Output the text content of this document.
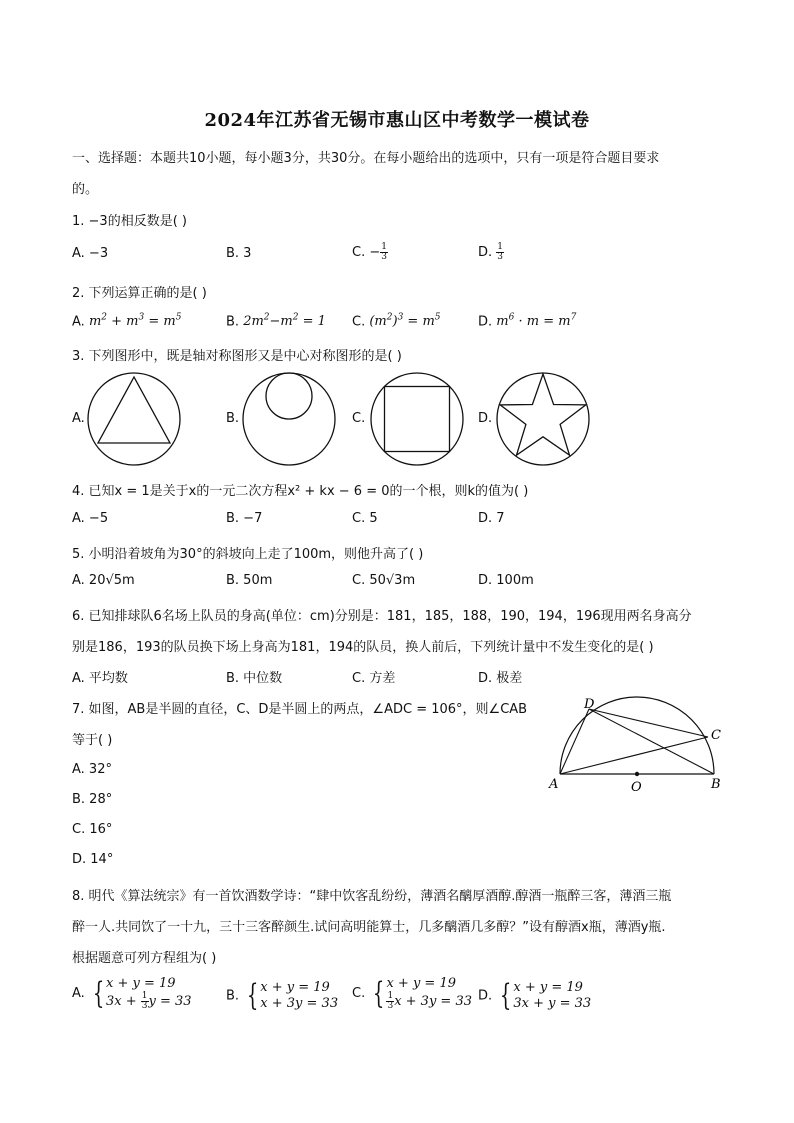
2024年江苏省无锡市惠山区中考数学一模试卷
一、选择题：本题共10小题，每小题3分，共30分。在每小题给出的选项中，只有一项是符合题目要求
的。
1. −3的相反数是( )
A. −3	B. 3	C. − $\frac{1}{3}$	D. $\frac{1}{3}$
2. 下列运算正确的是( )
A. $m^2 + m^3 = m^5$	B. $2m^2-m^2 = 1$ C. $(m^2)^3 = m^5$	D. $m^6 \cdot m = m^7$
3. 下列图形中，既是轴对称图形又是中心对称图形的是( )
A.	B.	C.	D.
4. 已知x = 1是关于x的一元二次方程x² + kx − 6 = 0的一个根，则k的值为( )
A. −5	B. −7	C. 5	D. 7
5. 小明沿着坡角为30°的斜坡向上走了100m，则他升高了( )
A. 20√5m	B. 50m	C. 50√3m	D. 100m
6. 已知排球队6名场上队员的身高(单位：cm)分别是：181，185，188，190，194，196现用两名身高分
别是186，193的队员换下场上身高为181，194的队员，换人前后，下列统计量中不发生变化的是( )
A. 平均数	B. 中位数	C. 方差	D. 极差
7. 如图，AB是半圆的直径，C、D是半圆上的两点，∠ADC = 106°，则∠CAB
等于( )
A. 32°
B. 28°
C. 16°
D. 14°
A	O	B
C
D
8. 明代《算法统宗》有一首饮酒数学诗：“肆中饮客乱纷纷，薄酒名醨厚酒醇.醇酒一瓶醉三客，薄酒三瓶
醉一人.共同饮了一十九，三十三客醉颜生.试问高明能算士，几多醨酒几多醇？”设有醇酒x瓶，薄酒y瓶.
根据题意可列方程组为( )
A. { x + y = 19
$3x + \frac{1}{3}$ y = 33	B. { x + y = 19
x + 3y = 33
C. { x + y = 19
$\frac{1}{3}$ x + 3y = 33 D. { x + y = 19
3x + y = 33
